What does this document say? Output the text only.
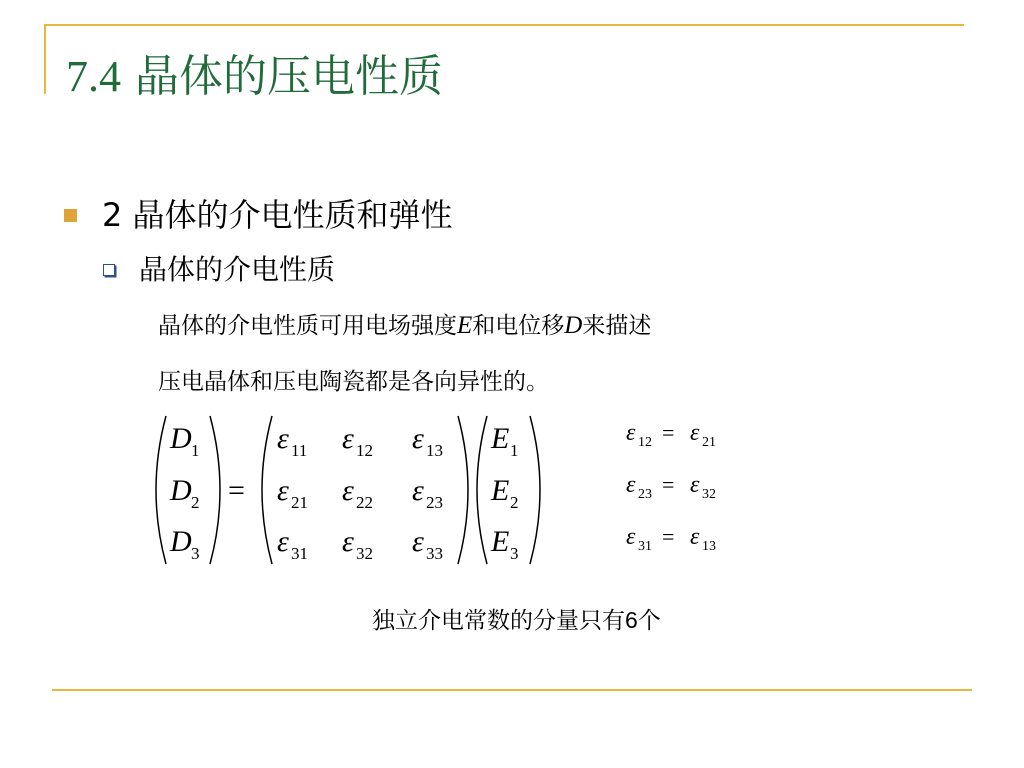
7.4 晶体的压电性质
2 晶体的介电性质和弹性
晶体的介电性质
晶体的介电性质可用电场强度E和电位移D来描述
压电晶体和压电陶瓷都是各向异性的。
D 1
D 2
D 3
=
ε 11 ε 12 ε 13
ε 21 ε 22 ε 23
ε 31 ε 32 ε 33
E 1
E 2
E 3
ε 12 = ε 21
ε 23 = ε 32
ε 31 = ε 13
独立介电常数的分量只有6个
